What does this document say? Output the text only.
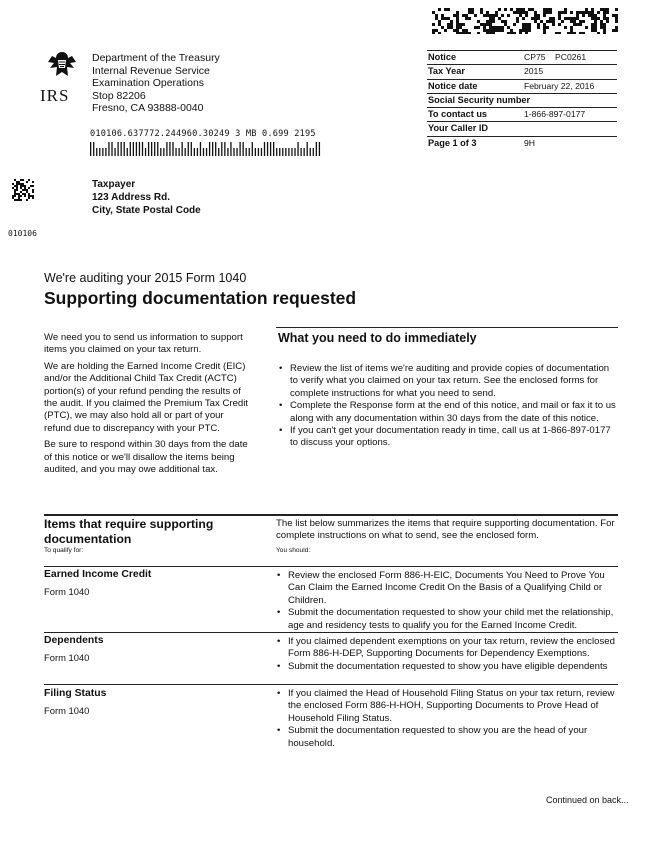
IRS
Department of the Treasury
Internal Revenue Service
Examination Operations
Stop 82206
Fresno, CA 93888-0040
010106.637772.244960.30249 3 MB 0.699 2195
Notice	CP75    PC0261
Tax Year	2015
Notice date	February 22, 2016
Social Security number
To contact us	1-866-897-0177
Your Caller ID
Page 1 of 3	9H
Taxpayer
123 Address Rd.
City, State Postal Code
010106
We're auditing your 2015 Form 1040
Supporting documentation requested

We need you to send us information to support items you claimed on your tax return.

We are holding the Earned Income Credit (EIC) and/or the Additional Child Tax Credit (ACTC) portion(s) of your refund pending the results of the audit. If you claimed the Premium Tax Credit (PTC), we may also hold all or part of your refund due to discrepancy with your PTC.

Be sure to respond within 30 days from the date of this notice or we'll disallow the items being audited, and you may owe additional tax.

What you need to do immediately
• Review the list of items we're auditing and provide copies of documentation to verify what you claimed on your tax return. See the enclosed forms for complete instructions for what you need to send.
• Complete the Response form at the end of this notice, and mail or fax it to us along with any documentation within 30 days from the date of this notice.
• If you can't get your documentation ready in time, call us at 1-866-897-0177 to discuss your options.
Items that require supporting documentation
To qualify for:
The list below summarizes the items that require supporting documentation. For complete instructions on what to send, see the enclosed form.
You should:
Earned Income Credit
Form 1040
• Review the enclosed Form 886-H-EIC, Documents You Need to Prove You Can Claim the Earned Income Credit On the Basis of a Qualifying Child or Children.
• Submit the documentation requested to show your child met the relationship, age and residency tests to qualify you for the Earned Income Credit.
Dependents
Form 1040
• If you claimed dependent exemptions on your tax return, review the enclosed Form 886-H-DEP, Supporting Documents for Dependency Exemptions.
• Submit the documentation requested to show you have eligible dependents
Filing Status
Form 1040
• If you claimed the Head of Household Filing Status on your tax return, review the enclosed Form 886-H-HOH, Supporting Documents to Prove Head of Household Filing Status.
• Submit the documentation requested to show you are the head of your household.
Continued on back...
